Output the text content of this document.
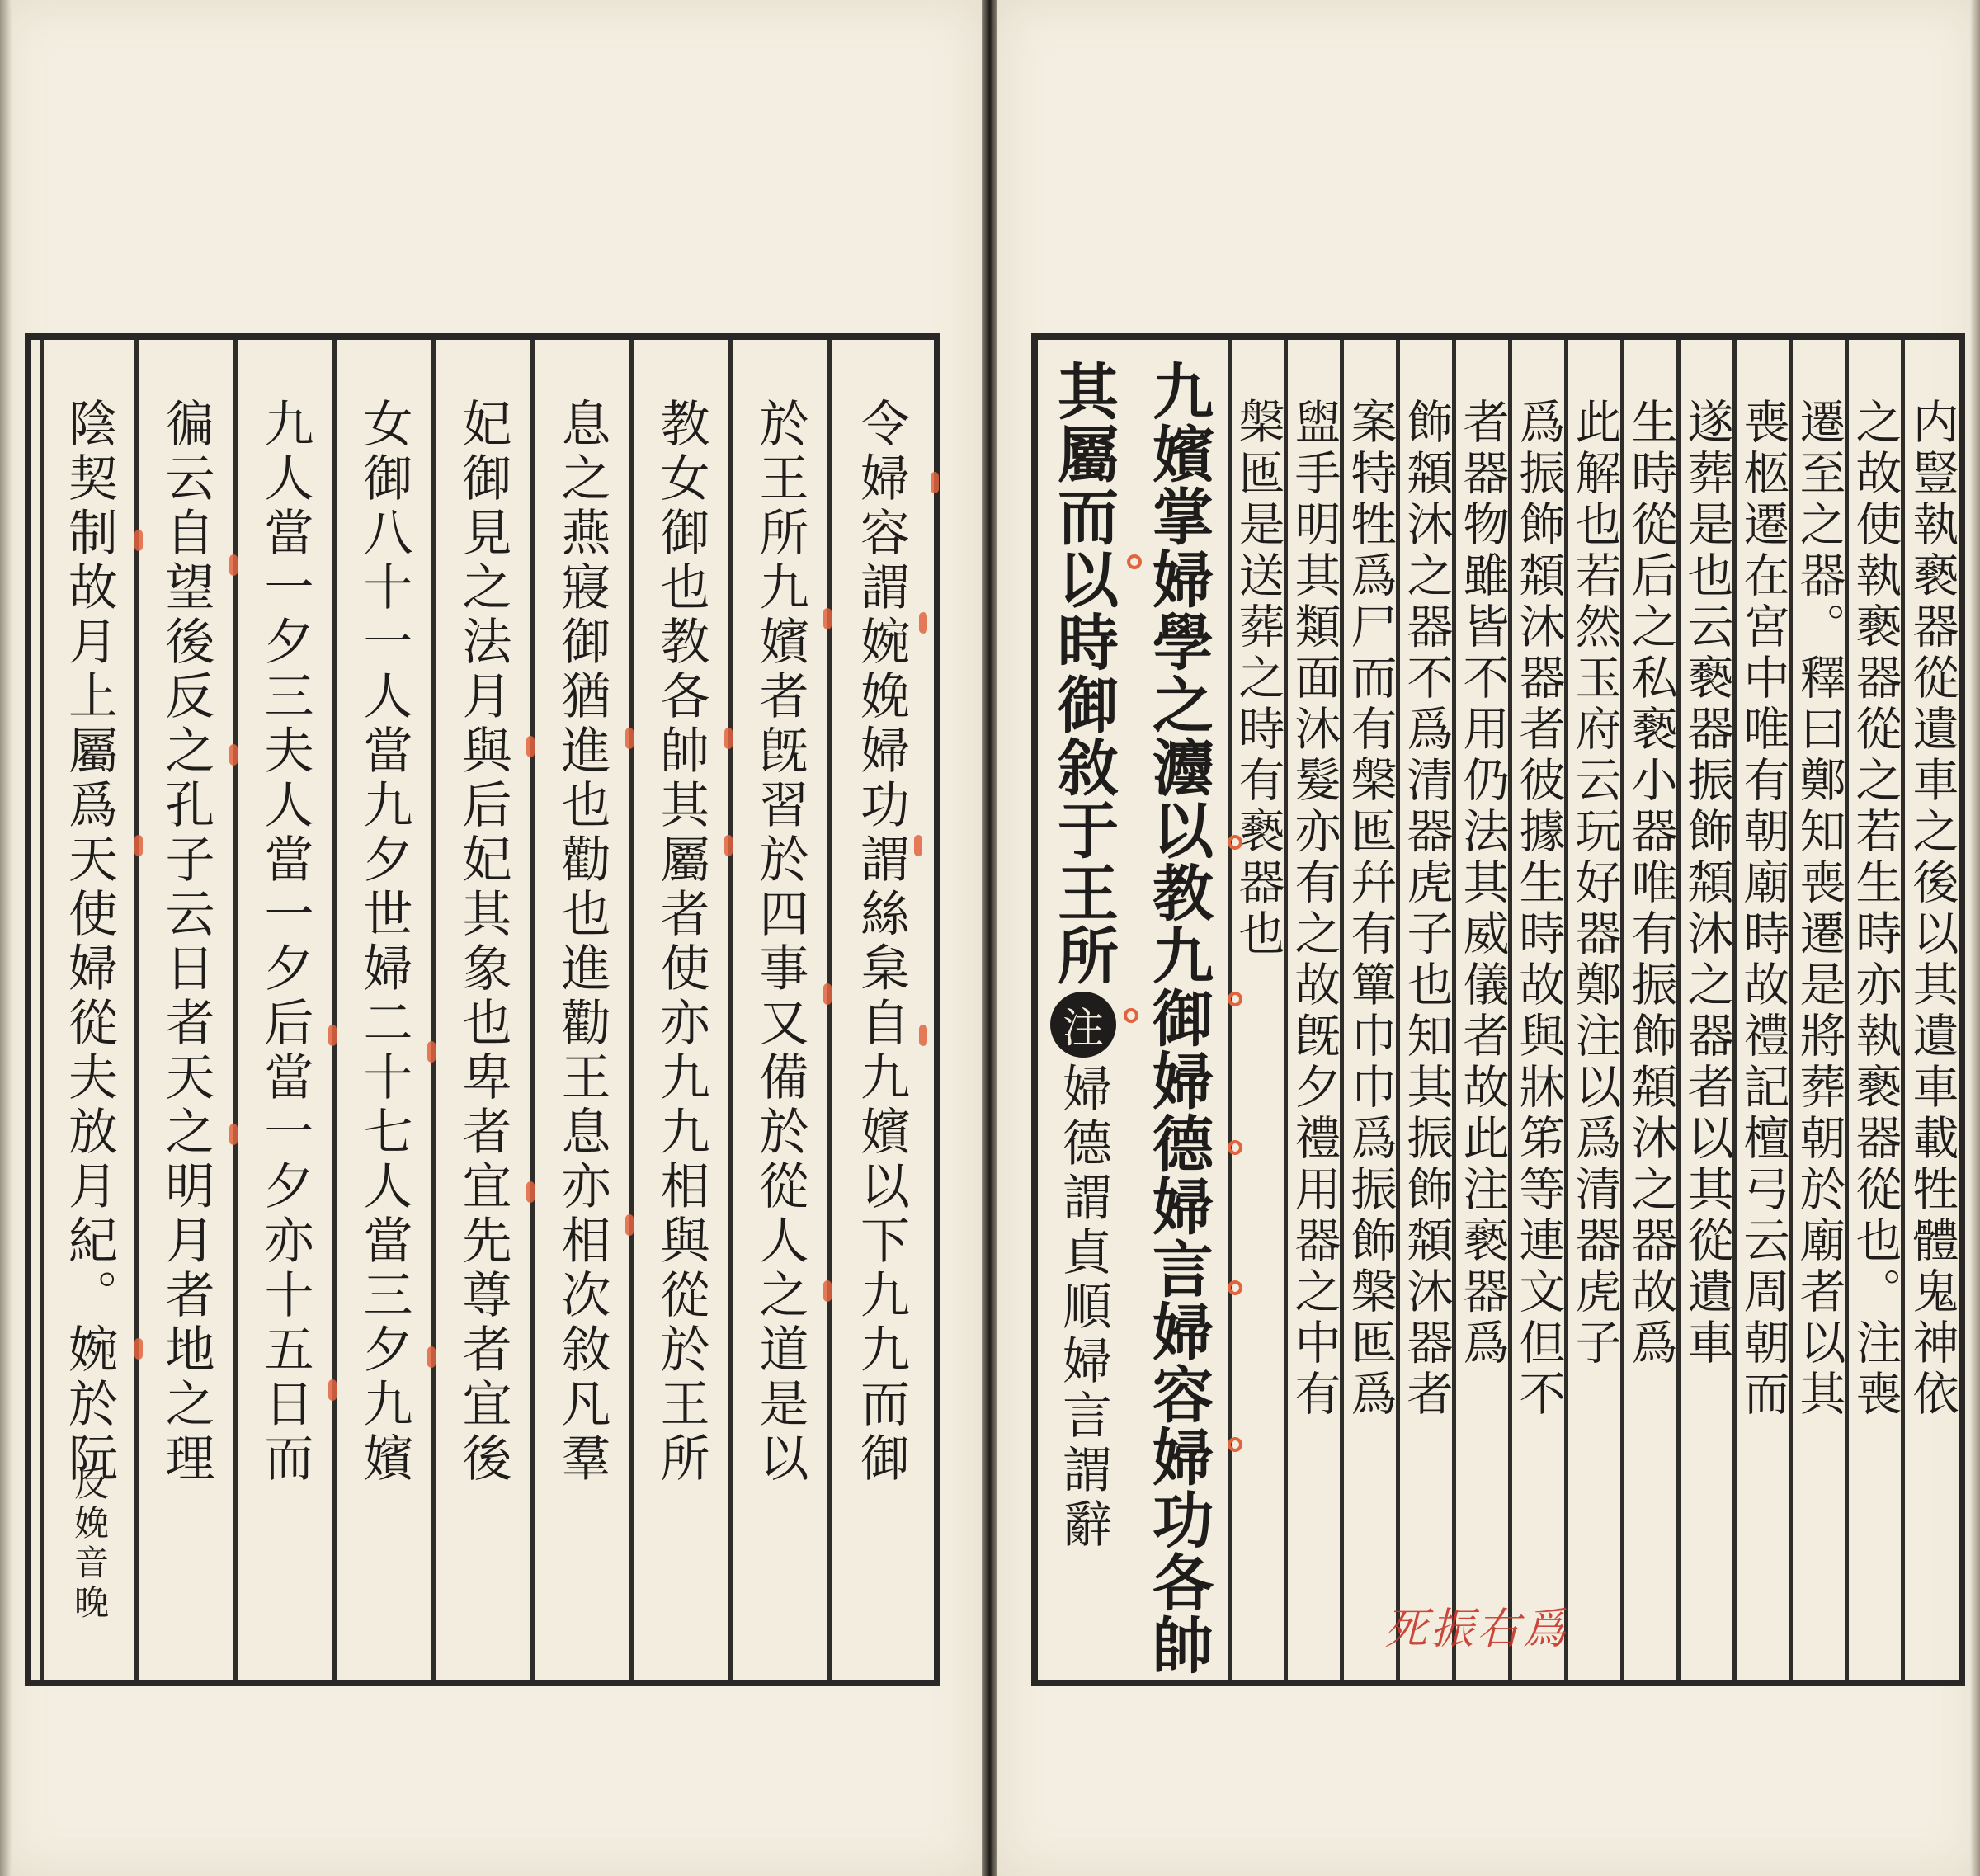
令婦容謂婉娩婦功謂絲枲自九嬪以下九九而御
於王所九嬪者旣習於四事又備於從人之道是以
教女御也教各帥其屬者使亦九九相與從於王所
息之燕寢御猶進也勸也進勸王息亦相次敘凡羣
妃御見之法月與后妃其象也卑者宜先尊者宜後
女御八十一人當九夕世婦二十七人當三夕九嬪
九人當一夕三夫人當一夕后當一夕亦十五日而
徧云自望後反之孔子云日者天之明月者地之理
陰契制故月上屬爲天使婦從夫放月紀。婉於阮
反娩音晚	九嬪掌婦學之灋以教九御婦德婦言婦容婦功各帥
其屬而以時御敘于王所
注
婦德謂貞順婦言謂辭
槃匜是送葬之時有褻器也 盥手明其類面沐髮亦有之故旣夕禮用器之中有 案特牲爲尸而有槃匜幷有簞巾巾爲振飾槃匜爲 飾頮沐之器不爲清器虎子也知其振飾頮沐器者 者器物雖皆不用仍法其威儀者故此注褻器爲 爲振飾頮沐器者彼據生時故與牀笫等連文但不 此解也若然玉府云玩好器鄭注以爲清器虎子 生時從后之私褻小器唯有振飾頮沐之器故爲 遂葬是也云褻器振飾頮沐之器者以其從遺車 喪柩遷在宮中唯有朝廟時故禮記檀弓云周朝而 遷至之器。釋曰鄭知喪遷是將葬朝於廟者以其 之故使執褻器從之若生時亦執褻器從也。注喪 内豎執褻器從遺車之後以其遺車載牲體鬼神依
死振右爲
